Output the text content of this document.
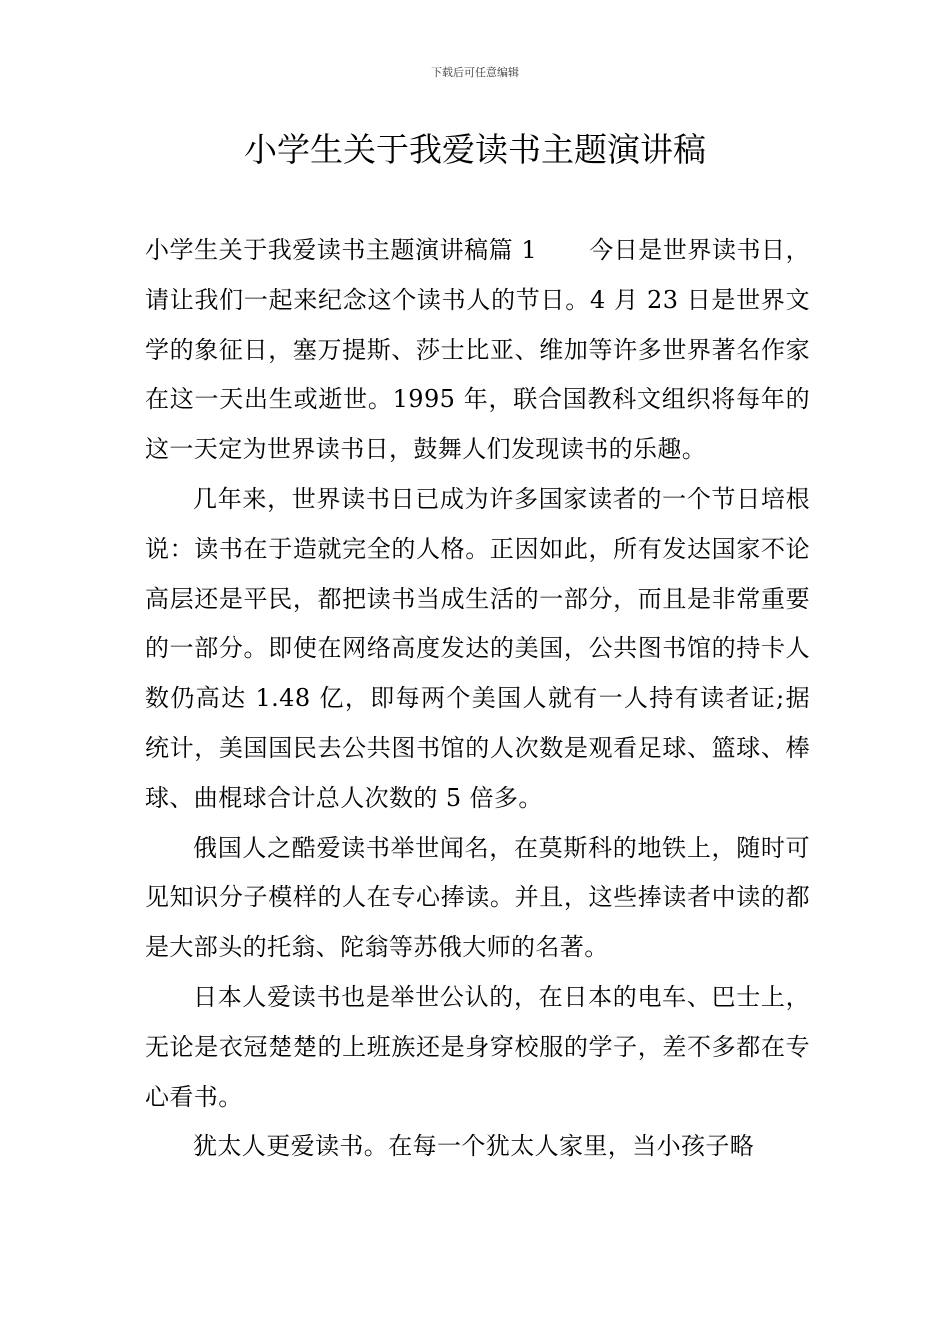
下载后可任意编辑
小学生关于我爱读书主题演讲稿

小学生关于我爱读书主题演讲稿篇 1 今日是世界读书日，请让我们一起来纪念这个读书人的节日。4 月 23 日是世界文学的象征日，塞万提斯、莎士比亚、维加等许多世界著名作家在这一天出生或逝世。1995 年，联合国教科文组织将每年的这一天定为世界读书日，鼓舞人们发现读书的乐趣。

几年来，世界读书日已成为许多国家读者的一个节日培根说：读书在于造就完全的人格。正因如此，所有发达国家不论高层还是平民，都把读书当成生活的一部分，而且是非常重要的一部分。即使在网络高度发达的美国，公共图书馆的持卡人数仍高达 1.48 亿，即每两个美国人就有一人持有读者证;据统计，美国国民去公共图书馆的人次数是观看足球、篮球、棒球、曲棍球合计总人次数的 5 倍多。

俄国人之酷爱读书举世闻名，在莫斯科的地铁上，随时可见知识分子模样的人在专心捧读。并且，这些捧读者中读的都是大部头的托翁、陀翁等苏俄大师的名著。

日本人爱读书也是举世公认的，在日本的电车、巴士上，无论是衣冠楚楚的上班族还是身穿校服的学子，差不多都在专心看书。

犹太人更爱读书。在每一个犹太人家里，当小孩子略
